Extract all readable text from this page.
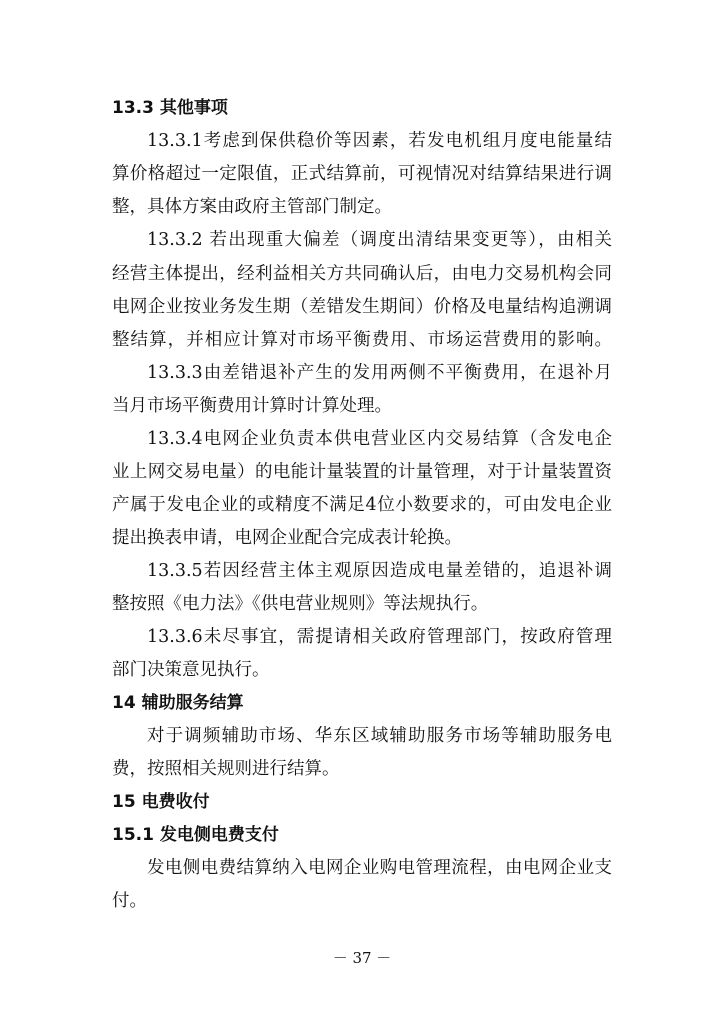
13.3 其他事项
13.3.1考虑到保供稳价等因素，若发电机组月度电能量结
算价格超过一定限值，正式结算前，可视情况对结算结果进行调
整，具体方案由政府主管部门制定。
13.3.2 若出现重大偏差（调度出清结果变更等），由相关
经营主体提出，经利益相关方共同确认后，由电力交易机构会同
电网企业按业务发生期（差错发生期间）价格及电量结构追溯调
整结算，并相应计算对市场平衡费用、市场运营费用的影响。
13.3.3由差错退补产生的发用两侧不平衡费用，在退补月
当月市场平衡费用计算时计算处理。
13.3.4电网企业负责本供电营业区内交易结算（含发电企
业上网交易电量）的电能计量装置的计量管理，对于计量装置资
产属于发电企业的或精度不满足4位小数要求的，可由发电企业
提出换表申请，电网企业配合完成表计轮换。
13.3.5若因经营主体主观原因造成电量差错的，追退补调
整按照《电力法》《供电营业规则》等法规执行。
13.3.6未尽事宜，需提请相关政府管理部门，按政府管理
部门决策意见执行。
14 辅助服务结算
对于调频辅助市场、华东区域辅助服务市场等辅助服务电
费，按照相关规则进行结算。
15 电费收付
15.1 发电侧电费支付
发电侧电费结算纳入电网企业购电管理流程，由电网企业支
付。
－ 37 －
